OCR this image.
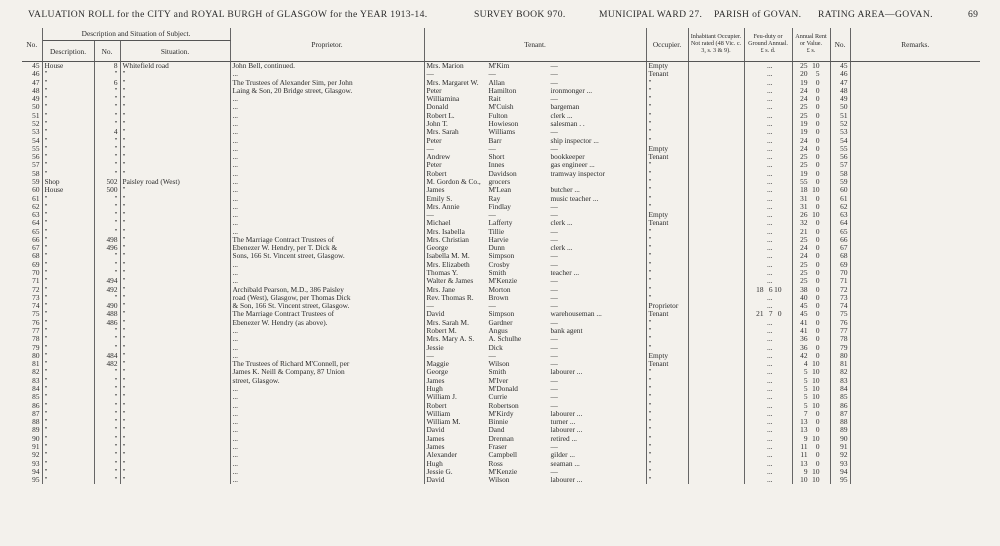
VALUATION ROLL for the CITY and ROYAL BURGH of GLASGOW for the YEAR 1913-14.	SURVEY BOOK 970.	MUNICIPAL WARD 27. PARISH of GOVAN. RATING AREA—GOVAN.	69
No.	Description and Situation of Subject.			Proprietor.	Tenant.	Occupier.	Inhabitant Occupier. Not rated (48 Vic. c. 3, s. 3 & 9).	Feu-duty or Ground Annual.
£ s. d.	Annual Rent or Value.
£ s.	No.	Remarks.
	Description.	No.	Situation.								
45	House	8	Whitefield road	John Bell, continued.	Mrs. Marion M'Kim —	Empty		...	25 10	45	
46	"	"	"	...	— — —	Tenant		...	20 5	46	
47	"	6	"	The Trustees of Alexander Sim, per John	Mrs. Margaret W. Allan —	"		...	19 0	47	
48	"	"	"	Laing & Son, 20 Bridge street, Glasgow.	Peter Hamilton ironmonger ...	"		...	24 0	48	
49	"	"	"	...	Williamina Rait —	"		...	24 0	49	
50	"	"	"	...	Donald M'Cuish bargeman	"		...	25 0	50	
51	"	"	"	...	Robert L. Fulton clerk ...	"		...	25 0	51	
52	"	"	"	...	John T. Howieson salesman . .	"		...	19 0	52	
53	"	4	"	...	Mrs. Sarah Williams —	"		...	19 0	53	
54	"	"	"	...	Peter Barr ship inspector ...	"		...	24 0	54	
55	"	"	"	...	— — —	Empty		...	24 0	55	
56	"	"	"	...	Andrew Short bookkeeper	Tenant		...	25 0	56	
57	"	"	"	...	Peter Innes gas engineer ...	"		...	25 0	57	
58	"	"	"	...	Robert Davidson tramway inspector	"		...	19 0	58	
59	Shop	502	Paisley road (West)	...	M. Gordon & Co., grocers	"		...	55 0	59	
60	House	500	"	...	James M'Lean butcher ...	"		...	18 10	60	
61	"	"	"	...	Emily S. Ray music teacher ...	"		...	31 0	61	
62	"	"	"	...	Mrs. Annie Findlay —	"		...	31 0	62	
63	"	"	"	...	— — —	Empty		...	26 10	63	
64	"	"	"	...	Michael Lafferty clerk ...	Tenant		...	32 0	64	
65	"	"	"	...	Mrs. Isabella Tillie —	"		...	21 0	65	
66	"	498	"	The Marriage Contract Trustees of	Mrs. Christian Harvie —	"		...	25 0	66	
67	"	496	"	Ebenezer W. Hendry, per T. Dick &	George Dunn clerk ...	"		...	24 0	67	
68	"	"	"	Sons, 166 St. Vincent street, Glasgow.	Isabella M. M. Simpson —	"		...	24 0	68	
69	"	"	"	...	Mrs. Elizabeth Crosby —	"		...	25 0	69	
70	"	"	"	...	Thomas Y. Smith teacher ...	"		...	25 0	70	
71	"	494	"	...	Walter & James M'Kenzie —	"		...	25 0	71	
72	"	492	"	Archibald Pearson, M.D., 386 Paisley	Mrs. Jane Morton —	"		18 6 10	38 0	72	
73	"	"	"	road (West), Glasgow, per Thomas Dick	Rev. Thomas R. Brown —	"		...	40 0	73	
74	"	490	"	& Son, 166 St. Vincent street, Glasgow.	— — —	Proprietor		...	45 0	74	
75	"	488	"	The Marriage Contract Trustees of	David Simpson warehouseman ...	Tenant		21 7 0	45 0	75	
76	"	486	"	Ebenezer W. Hendry (as above).	Mrs. Sarah M. Gardner —	"		...	41 0	76	
77	"	"	"	...	Robert M. Angus bank agent	"		...	41 0	77	
78	"	"	"	...	Mrs. Mary A. S. A. Schulhe —	"		...	36 0	78	
79	"	"	"	...	Jessie Dick —	"		...	36 0	79	
80	"	484	"	...	— — —	Empty		...	42 0	80	
81	"	482	"	The Trustees of Richard M'Connell, per	Maggie Wilson —	Tenant		...	4 10	81	
82	"	"	"	James K. Neill & Company, 87 Union	George Smith labourer ...	"		...	5 10	82	
83	"	"	"	street, Glasgow.	James M'Iver —	"		...	5 10	83	
84	"	"	"	...	Hugh M'Donald —	"		...	5 10	84	
85	"	"	"	...	William J. Currie —	"		...	5 10	85	
86	"	"	"	...	Robert Robertson —	"		...	5 10	86	
87	"	"	"	...	William M'Kirdy labourer ...	"		...	7 0	87	
88	"	"	"	...	William M. Binnie turner ...	"		...	13 0	88	
89	"	"	"	...	David Dand labourer ...	"		...	13 0	89	
90	"	"	"	...	James Drennan retired ...	"		...	9 10	90	
91	"	"	"	...	James Fraser —	"		...	11 0	91	
92	"	"	"	...	Alexander Campbell gilder ...	"		...	11 0	92	
93	"	"	"	...	Hugh Ross seaman ...	"		...	13 0	93	
94	"	"	"	...	Jessie G. M'Kenzie —	"		...	9 10	94	
95	"	"	"	...	David Wilson labourer ...	"		...	10 10	95	
